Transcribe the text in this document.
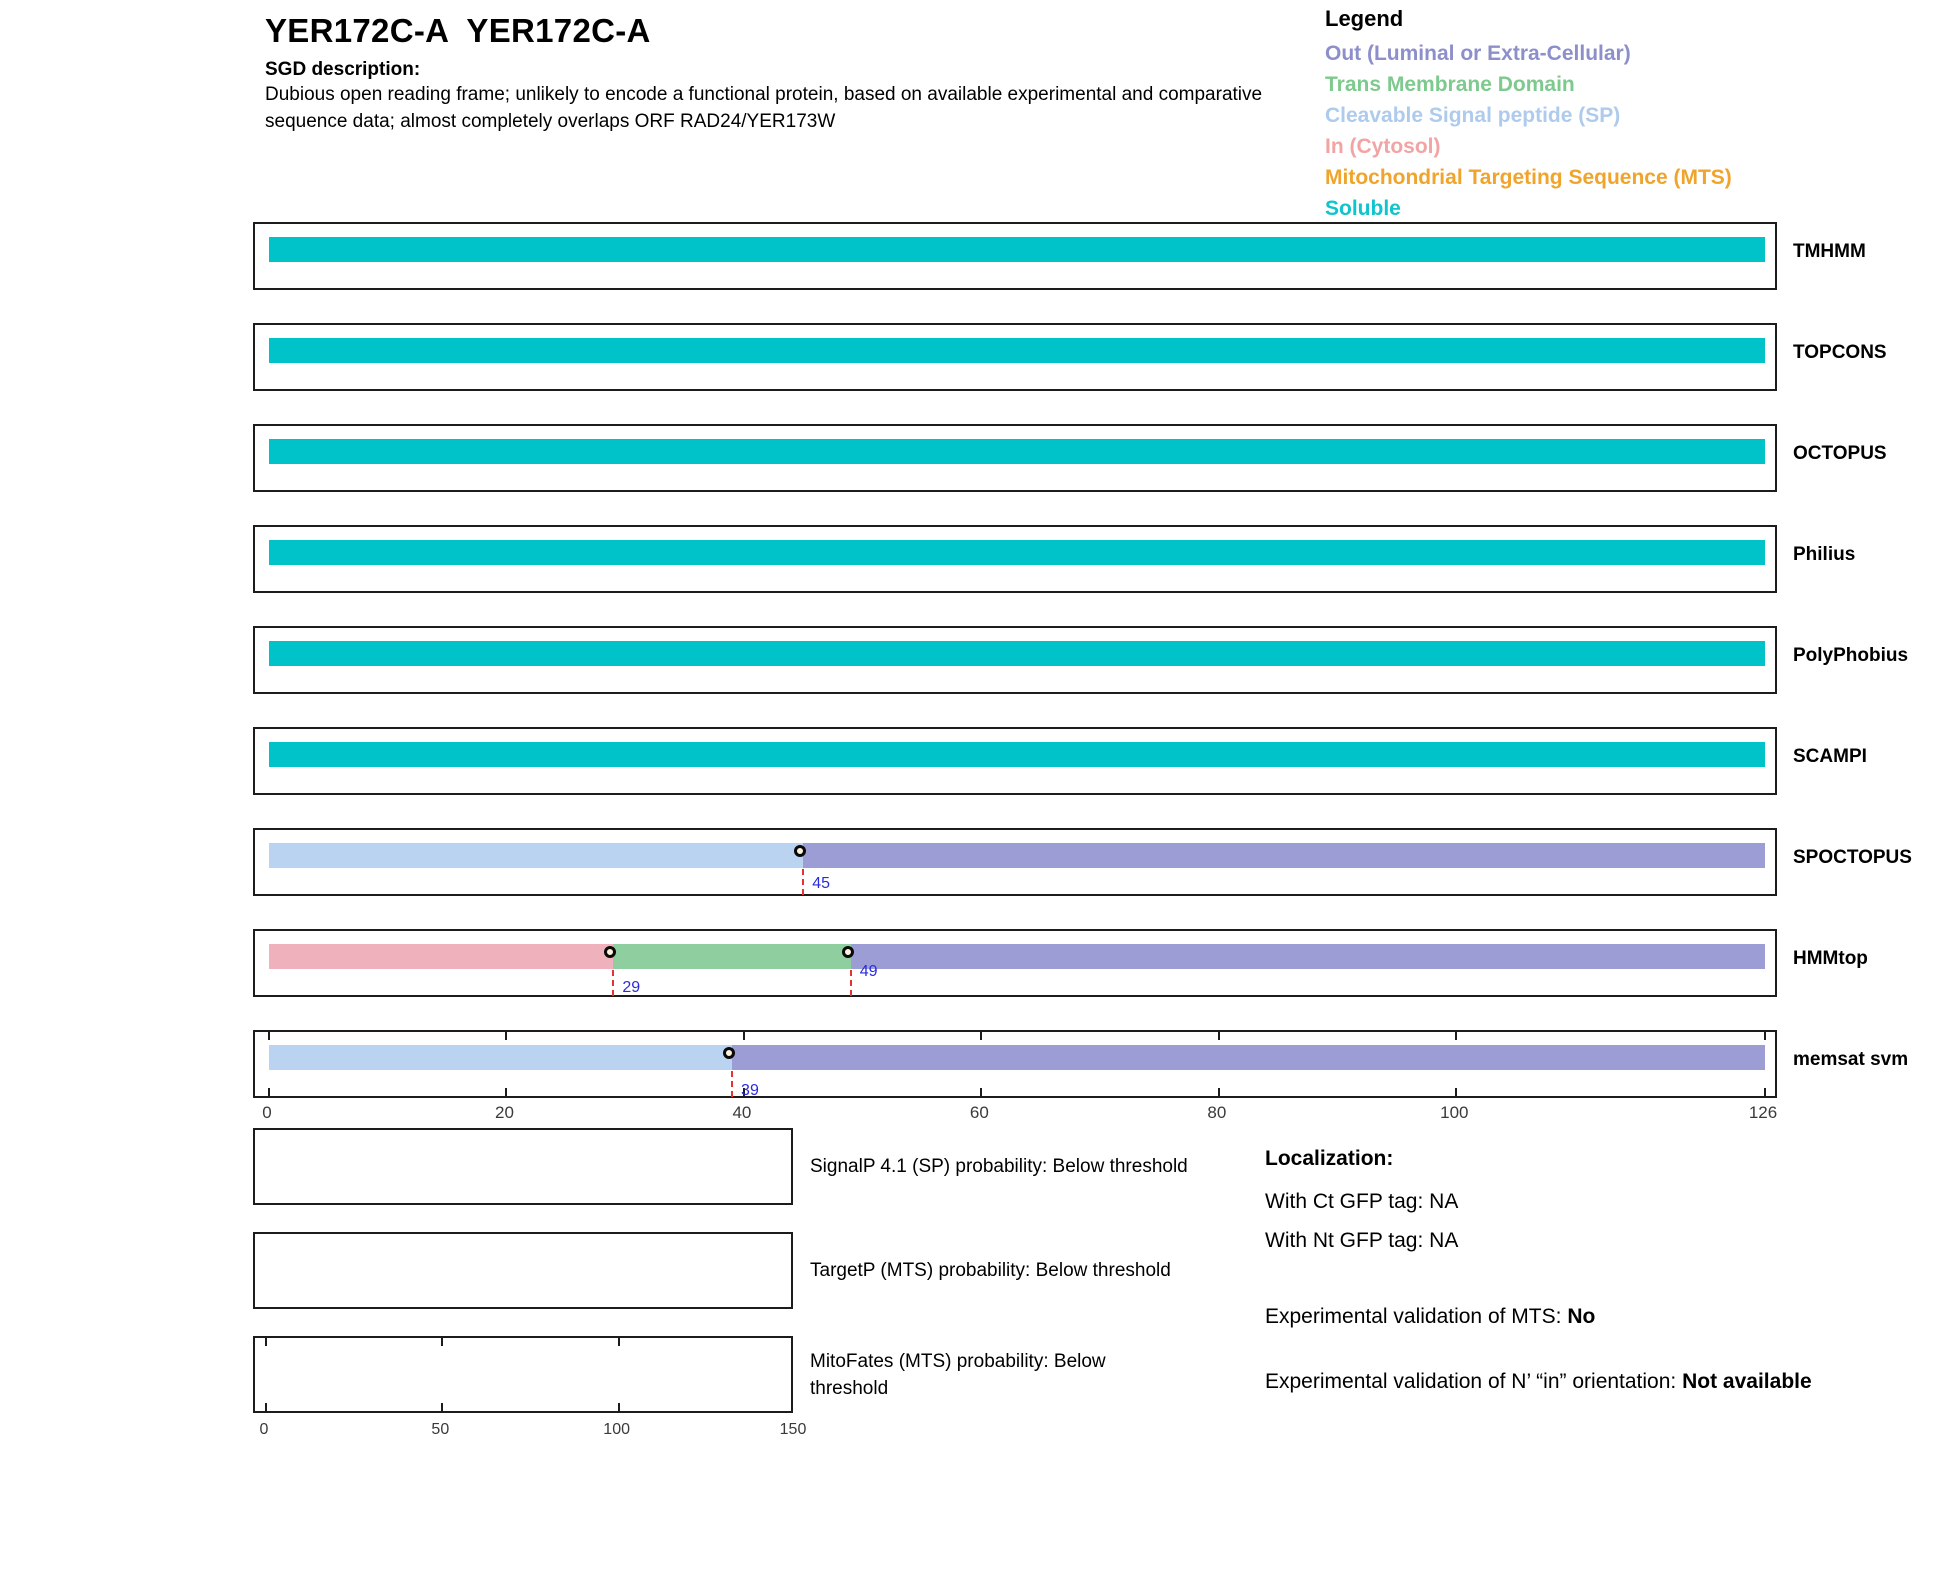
YER172C-A  YER172C-A
SGD description:
Dubious open reading frame; unlikely to encode a functional protein, based on available experimental and comparative sequence data; almost completely overlaps ORF RAD24/YER173W
Legend
Out (Luminal or Extra-Cellular)
Trans Membrane Domain
Cleavable Signal peptide (SP)
In (Cytosol)
Mitochondrial Targeting Sequence (MTS)
Soluble
TMHMM
TOPCONS
OCTOPUS
Philius
PolyPhobius
SCAMPI
45
SPOCTOPUS
29
49
HMMtop
39
memsat svm
0	20	40	60	80	100	126
SignalP 4.1 (SP) probability: Below threshold
TargetP (MTS) probability: Below threshold
MitoFates (MTS) probability: Below threshold
0	50	100	150
Localization:
With Ct GFP tag: NA
With Nt GFP tag: NA
Experimental validation of MTS: No
Experimental validation of N’ “in” orientation: Not available
